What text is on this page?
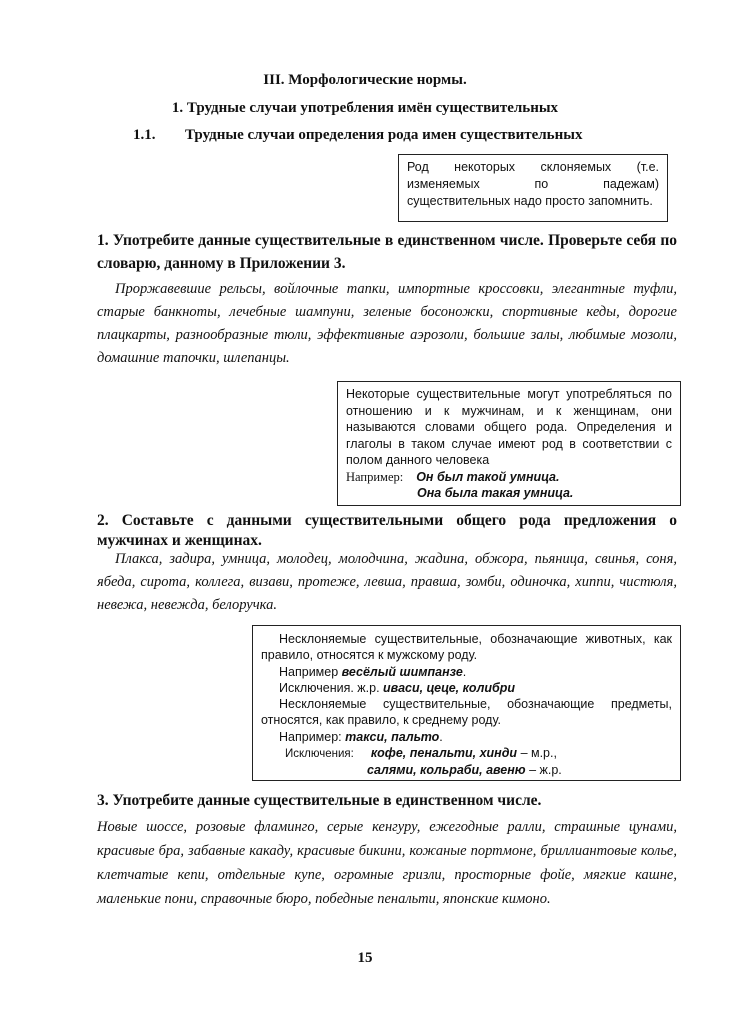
III. Морфологические нормы.
1. Трудные случаи употребления имён существительных
1.1. Трудные случаи определения рода имен существительных
Род некоторых склоняемых (т.е. изменяемых по падежам) существительных надо просто запомнить.
1. Употребите данные существительные в единственном числе. Проверьте себя по словарю, данному в Приложении 3.
Проржавевшие рельсы, войлочные тапки, импортные кроссовки, элегантные туфли, старые банкноты, лечебные шампуни, зеленые босоножки, спортивные кеды, дорогие плацкарты, разнообразные тюли, эффективные аэрозоли, большие залы, любимые мозоли, домашние тапочки, шлепанцы.
Некоторые существительные могут употребляться по отношению и к мужчинам, и к женщинам, они называются словами общего рода. Определения и глаголы в таком случае имеют род в соответствии с полом данного человека
Например: Он был такой умница.
Она была такая умница.
2. Составьте с данными существительными общего рода предложения о мужчинах и женщинах.
Плакса, задира, умница, молодец, молодчина, жадина, обжора, пьяница, свинья, соня, ябеда, сирота, коллега, визави, протеже, левша, правша, зомби, одиночка, хиппи, чистюля, невежа, невежда, белоручка.
Несклоняемые существительные, обозначающие животных, как правило, относятся к мужскому роду.
Например весёлый шимпанзе.
Исключения. ж.р. иваси, цеце, колибри
Несклоняемые существительные, обозначающие предметы, относятся, как правило, к среднему роду.
Например: такси, пальто.
Исключения: кофе, пенальти, хинди – м.р.,
салями, кольраби, авеню – ж.р.
3. Употребите данные существительные в единственном числе.
Новые шоссе, розовые фламинго, серые кенгуру, ежегодные ралли, страшные цунами, красивые бра, забавные какаду, красивые бикини, кожаные портмоне, бриллиантовые колье, клетчатые кепи, отдельные купе, огромные гризли, просторные фойе, мягкие кашне, маленькие пони, справочные бюро, победные пенальти, японские кимоно.
15
